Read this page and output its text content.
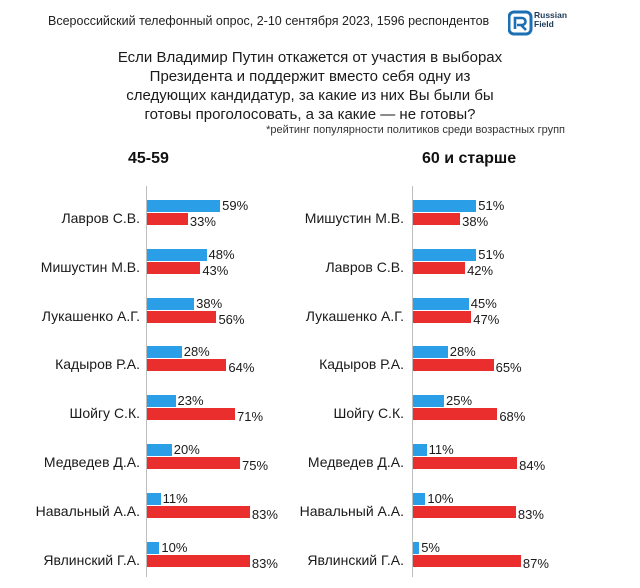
Всероссийский телефонный опрос, 2-10 сентября 2023, 1596 респондентов	Russian
Field
Если Владимир Путин откажется от участия в выборах
Президента и поддержит вместо себя одну из
следующих кандидатур, за какие из них Вы были бы
готовы проголосовать, а за какие — не готовы?
*рейтинг популярности политиков среди возрастных групп
45-59	60 и старше
Лавров С.В.
59%
33%
Мишустин М.В.
48%
43%
Лукашенко А.Г.
38%
56%
Кадыров Р.А.
28%
64%
Шойгу С.К.
23%
71%
Медведев Д.А.
20%
75%
Навальный А.А.
11%
83%
Явлинский Г.А.
10%
83%
Мишустин М.В.
51%
38%
Лавров С.В.
51%
42%
Лукашенко А.Г.
45%
47%
Кадыров Р.А.
28%
65%
Шойгу С.К.
25%
68%
Медведев Д.А.
11%
84%
Навальный А.А.
10%
83%
Явлинский Г.А.
5%
87%
